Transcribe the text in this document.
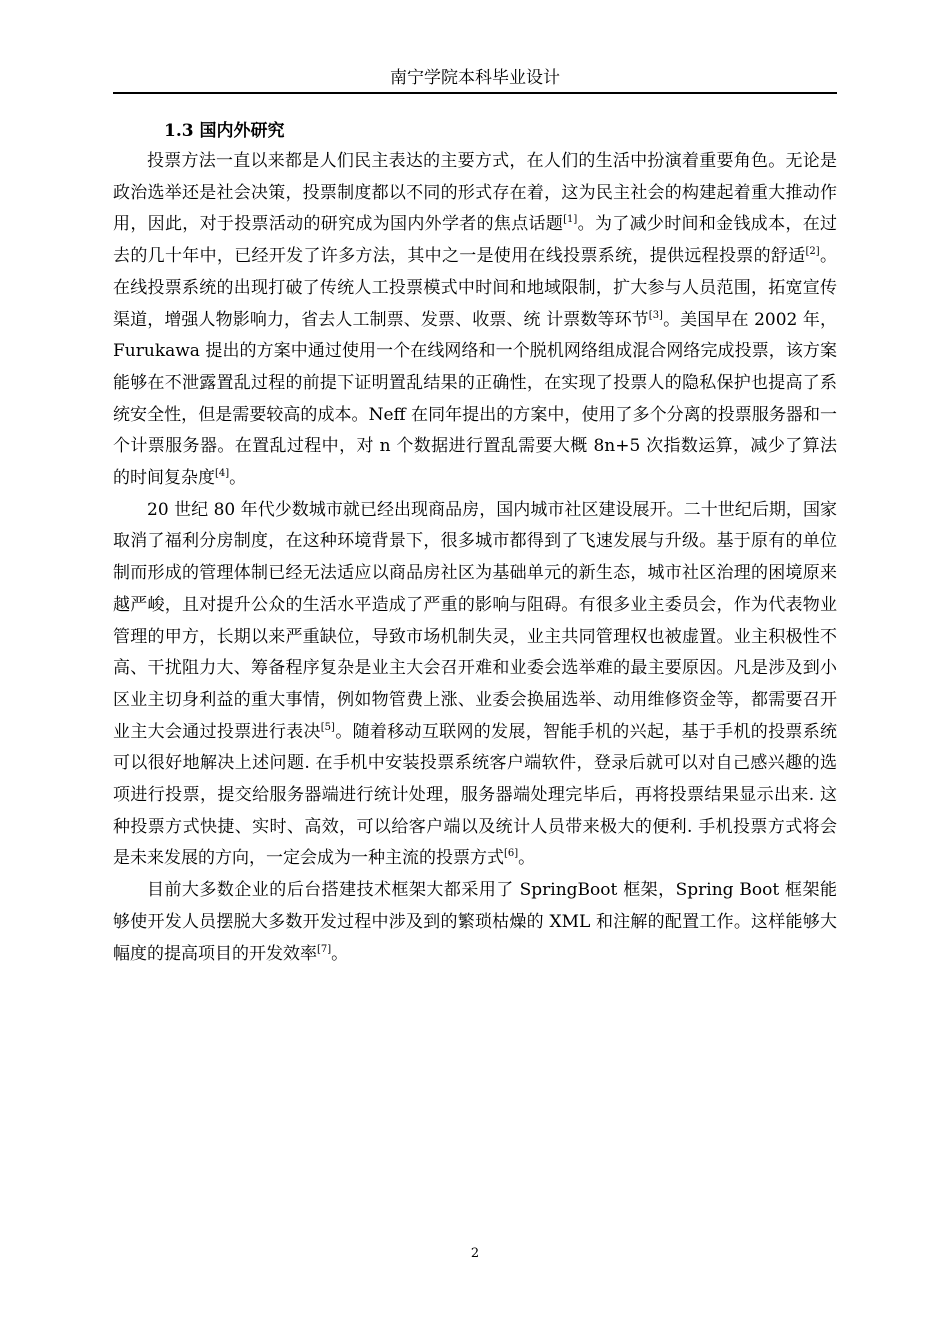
南宁学院本科毕业设计
1.3 国内外研究

投票方法一直以来都是人们民主表达的主要方式，在人们的生活中扮演着重要角色。无论是政治选举还是社会决策，投票制度都以不同的形式存在着，这为民主社会的构建起着重大推动作用，因此，对于投票活动的研究成为国内外学者的焦点话题[1]。为了减少时间和金钱成本，在过去的几十年中，已经开发了许多方法，其中之一是使用在线投票系统，提供远程投票的舒适[2]。在线投票系统的出现打破了传统人工投票模式中时间和地域限制，扩大参与人员范围，拓宽宣传 渠道，增强人物影响力，省去人工制票、发票、收票、统 计票数等环节[3]。美国早在 2002 年，Furukawa 提出的方案中通过使用一个在线网络和一个脱机网络组成混合网络完成投票，该方案能够在不泄露置乱过程的前提下证明置乱结果的正确性，在实现了投票人的隐私保护也提高了系统安全性，但是需要较高的成本。Neff 在同年提出的方案中，使用了多个分离的投票服务器和一个计票服务器。在置乱过程中，对 n 个数据进行置乱需要大概 8n+5 次指数运算，减少了算法的时间复杂度[4]。

20 世纪 80 年代少数城市就已经出现商品房，国内城市社区建设展开。二十世纪后期，国家取消了福利分房制度，在这种环境背景下，很多城市都得到了飞速发展与升级。基于原有的单位制而形成的管理体制已经无法适应以商品房社区为基础单元的新生态，城市社区治理的困境原来越严峻，且对提升公众的生活水平造成了严重的影响与阻碍。有很多业主委员会，作为代表物业管理的甲方，长期以来严重缺位，导致市场机制失灵，业主共同管理权也被虚置。业主积极性不高、干扰阻力大、筹备程序复杂是业主大会召开难和业委会选举难的最主要原因。凡是涉及到小区业主切身利益的重大事情，例如物管费上涨、业委会换届选举、动用维修资金等，都需要召开业主大会通过投票进行表决[5]。随着移动互联网的发展，智能手机的兴起，基于手机的投票系统可以很好地解决上述问题. 在手机中安装投票系统客户端软件，登录后就可以对自己感兴趣的选项进行投票，提交给服务器端进行统计处理，服务器端处理完毕后，再将投票结果显示出来. 这种投票方式快捷、实时、高效，可以给客户端以及统计人员带来极大的便利. 手机投票方式将会是未来发展的方向，一定会成为一种主流的投票方式[6]。

目前大多数企业的后台搭建技术框架大都采用了 SpringBoot 框架，Spring Boot 框架能够使开发人员摆脱大多数开发过程中涉及到的繁琐枯燥的 XML 和注解的配置工作。这样能够大幅度的提高项目的开发效率[7]。

2
